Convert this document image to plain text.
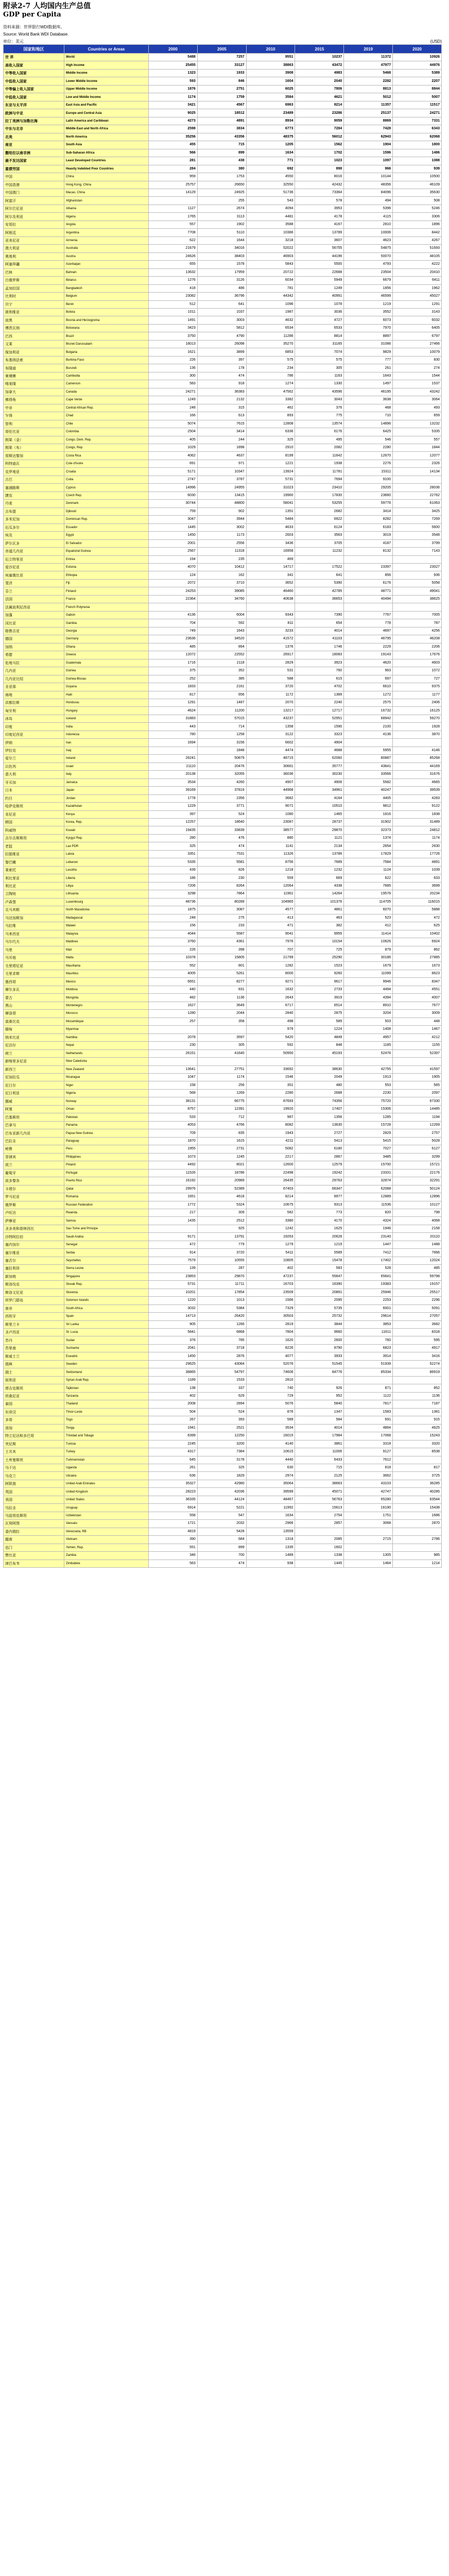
附录2-7 人均国内生产总值
GDP per Capita
资料来源：世界银行WDI数据库。
Source: World Bank WDI Database.
单位：美元	(USD)
国家和地区	Countries or Areas	2000	2005	2010	2015	2019	2020
世 界	World	5488	7257	9551	10237	11372	10926
高收入国家	High Income	25455	33127	38863	43472	47977	44976
中等收入国家	Middle Income	1323	1933	3908	4983	5468	5389
中低收入国家	Lower Middle Income	593	846	1604	2040	2282	2207
中等偏上收入国家	Upper Middle Income	1876	2751	6025	7806	8813	8844
中低收入国家	Low and Middle Income	1174	1759	3584	4621	5012	5007
东亚与太平洋	East Asia and Pacific	3421	4567	6963	9214	11357	11517
欧洲与中亚	Europe and Central Asia	9025	18512	23489	23286	25137	24271
拉丁美洲与加勒比海	Latin America and Caribbean	4273	4891	8934	9059	8869	7331
中东与北非	Middle East and North Africa	2598	3834	6773	7284	7428	6343
北美	North America	35256	43356	48375	56012	62943	62068
南亚	South Asia	455	715	1205	1562	1904	1800
撒哈拉以南非洲	Sub-Saharan Africa	566	899	1634	1702	1596	1486
最不发达国家	Least Developed Countries	281	438	771	1023	1097	1088
重债穷国	Heavily Indebted Poor Countries	284	380	692	898	966	939
中国	China	959	1753	4550	8016	10144	10500
中国香港	Hong Kong, China	25757	26650	32550	42432	48356	46109
中国澳门	Macao, China	14129	24925	51736	73364	84096	35630
阿富汗	Afghanistan		255	543	578	494	508
阿尔巴尼亚	Albania	1127	2674	4094	3953	5396	5246
阿尔及利亚	Algeria	1765	3113	4481	4178	4115	3306
安哥拉	Angola	557	1902	3588	4167	2810	1896
阿根廷	Argentina	7708	5110	10386	13789	10006	8442
亚美尼亚	Armenia	622	1644	3218	3607	4623	4267
澳大利亚	Australia	21679	34016	52022	56755	54875	51693
奥地利	Austria	24626	38403	46903	44196	50070	48105
阿塞拜疆	Azerbaijan	655	1578	5843	5500	4793	4222
巴林	Bahrain	13632	17959	20722	22688	23504	20410
白俄罗斯	Belarus	1276	3126	6034	5949	6679	6411
孟加拉国	Bangladesh	418	486	781	1249	1856	1962
比利时	Belgium	23082	36796	44342	40991	46599	45027
贝宁	Benin	512	641	1096	1078	1219	1291
玻利维亚	Bolivia	1011	1037	1987	3036	3552	3143
波黑	Bosnia and Herzegovina	1491	3003	4632	4727	6073	6032
博茨瓦纳	Botswana	3423	5812	6534	6533	7970	6405
巴西	Brazil	3750	4790	11286	8814	8897	6797
文莱	Brunei Darussalam	18013	26098	35270	31165	31086	27466
保加利亚	Bulgaria	1621	3899	6853	7074	9829	10079
布基纳法索	Burkina Faso	226	397	575	575	777	830
布隆迪	Burundi	136	178	234	305	261	274
柬埔寨	Cambodia	300	474	786	1163	1643	1544
喀麦隆	Cameroon	583	918	1274	1330	1497	1537
加拿大	Canada	24271	36383	47562	43596	46195	43242
佛得角	Cape Verde	1249	2132	3382	3043	3638	3064
中非	Central African Rep.	248	315	462	376	468	493
乍得	Chad	166	613	893	775	710	659
智利	Chile	5074	7615	12808	13574	14896	13232
哥伦比亚	Colombia	2504	3414	6336	6176	6425	5335
刚果（金）	Congo, Dem. Rep.	405	244	325	495	546	557
刚果（布）	Congo, Rep.	1029	1898	2910	2082	2280	1844
哥斯达黎加	Costa Rica	4062	4637	8199	11642	12670	12077
科特迪瓦	Cote d'Ivoire	691	971	1221	1938	2276	2326
克罗地亚	Croatia	5171	10347	13924	11781	15311	14134
古巴	Cuba	2747	3787	5731	7694	9100	
塞浦路斯	Cyprus	14996	24955	31023	23410	29205	28036
捷克	Czech Rep.	6030	13415	19960	17830	23660	22762
丹麦	Denmark	30744	48800	58041	53255	59776	61063
吉布提	Djibouti	759	902	1351	2682	3414	3425
多米尼加	Dominican Rep.	3047	3944	5484	6922	8282	7269
厄瓜多尔	Ecuador	1445	3002	4633	6124	6183	5600
埃及	Egypt	1450	1173	2603	3563	3019	3548
萨尔瓦多	El Salvador	2001	2556	3436	3705	4187	3799
赤道几内亚	Equatorial Guinea	2567	11318	16958	11232	8132	7143
厄立特里亚	Eritrea	194	235	469			
爱沙尼亚	Estonia	4070	10412	14717	17522	23397	23027
埃塞俄比亚	Ethiopia	124	162	341	641	856	936
斐济	Fiji	2072	3710	3652	5390	6176	5058
芬兰	Finland	24253	39085	46460	42785	48771	49041
法国	France	22364	34760	40638	36653	40494	38625
法属波利尼西亚	French Polynesia						
加蓬	Gabon	4136	6004	9343	7390	7767	7005
冈比亚	Gambia	704	592	811	654	778	787
格鲁吉亚	Georgia	749	1643	3233	4014	4697	4256
德国	Germany	23636	34520	41572	41103	46795	46208
加纳	Ghana	485	894	1376	1746	2229	2206
希腊	Greece	12072	22552	26917	18083	19143	17676
危地马拉	Guatemala	1716	2118	2829	3923	4620	4603
几内亚	Guinea	375	352	531	760	963	1072
几内亚比绍	Guinea-Bissau	252	385	588	615	697	727
圭亚那	Guyana	1833	2161	3720	4702	6610	9375
海地	Haiti	817	656	1172	1389	1272	1177
洪都拉斯	Honduras	1291	1487	2070	2240	2575	2406
匈牙利	Hungary	4624	11200	13217	12717	16732	16125
冰岛	Iceland	31883	57015	43237	52951	68942	59270
印度	India	443	714	1358	1590	2100	1928
印度尼西亚	Indonesia	780	1258	3122	3323	4136	3870
伊朗	Iran	1694	3156	6602	4904		
伊拉克	Iraq		1848	4474	4688	5955	4146
爱尔兰	Ireland	26241	50879	48715	62060	80887	85268
以色列	Israel	21110	20476	30661	35777	43641	44169
意大利	Italy	20138	32055	36036	30230	33566	31676
牙买加	Jamaica	3534	4260	4907	4906	5582	4665
日本	Japan	39169	37819	44968	34961	40247	39539
约旦	Jordan	1778	2356	3682	4164	4405	4283
哈萨克斯坦	Kazakhstan	1229	3771	9071	10510	9812	9122
肯尼亚	Kenya	397	524	1080	1465	1816	1838
韩国	Korea, Rep.	12257	18640	23087	28737	31902	31489
科威特	Kuwait	19435	33839	38577	29870	32373	24812
吉尔吉斯斯坦	Kyrgyz Rep.	280	476	880	1121	1374	1174
老挝	Lao PDR	325	474	1141	2134	2654	2630
拉脱维亚	Latvia	3351	7531	11326	13786	17829	17726
黎巴嫩	Lebanon	5335	5581	8756	7689	7584	4891
莱索托	Lesotho	439	826	1218	1232	1124	1039
利比里亚	Liberia	186	230	559	669	622	633
利比亚	Libya	7206	8264	12064	4338	7685	3699
立陶宛	Lithuania	3298	7864	11961	14264	19576	20234
卢森堡	Luxembourg	48736	80289	104965	101376	114705	116015
北马其顿	North Macedonia	1875	3087	4577	4861	6070	5888
马达加斯加	Madagascar	248	275	413	463	523	472
马拉维	Malawi	156	233	471	382	412	625
马来西亚	Malaysia	4044	5587	9041	9955	11414	10402
马尔代夫	Maldives	3760	4361	7976	10154	10626	6924
马里	Mali	226	398	707	725	879	862
马耳他	Malta	10378	15805	21799	25290	30186	27885
毛里塔尼亚	Mauritania	552	801	1282	1523	1679	1673
毛里求斯	Mauritius	4005	5261	8000	9260	11099	8623
墨西哥	Mexico	6651	8277	9271	9617	9946	8347
摩尔多瓦	Moldova	440	831	1632	2733	4494	4551
蒙古	Mongolia	482	1136	2643	3919	4394	4007
黑山	Montenegro	1627	3649	6717	6514	8910	7677
摩洛哥	Morocco	1280	2044	2840	2875	3204	3009
莫桑比克	Mozambique	257	358	498	589	503	448
缅甸	Myanmar			979	1224	1408	1467
纳米比亚	Namibia	2078	3597	5420	4849	4957	4212
尼泊尔	Nepal	230	305	592	848	1185	1155
荷兰	Netherlands	26151	41640	50950	45193	52476	52397
新喀里多尼亚	New Caledonia						
新西兰	New Zealand	13641	27751	33692	38630	42755	41597
尼加拉瓜	Nicaragua	1047	1174	1546	2049	1913	1905
尼日尔	Niger	158	256	351	480	553	565
尼日利亚	Nigeria	568	1269	2280	2688	2230	2097
挪威	Norway	38131	66775	87693	74356	75720	67330
阿曼	Oman	8757	12391	19920	17407	15306	14485
巴基斯坦	Pakistan	533	712	987	1356	1285	1194
巴拿马	Panama	4053	4766	8082	13630	15728	12269
巴布亚新几内亚	Papua New Guinea	709	835	1943	2727	2829	2757
巴拉圭	Paraguay	1870	1615	4211	5413	5415	5028
秘鲁	Peru	1955	2731	5082	6180	7027	6127
菲律宾	Philippines	1073	1245	2217	2867	3485	3299
波兰	Poland	4492	8021	12600	12579	15700	15721
葡萄牙	Portugal	11526	18786	22498	19242	23331	22176
波多黎各	Puerto Rico	16192	20989	26435	29763	32874	32291
卡塔尔	Qatar	29976	52389	67403	66347	62088	50124
罗马尼亚	Romania	1651	4618	8214	8977	12889	12896
俄罗斯	Russian Federation	1772	5324	10675	9313	11536	10127
卢旺达	Rwanda	217	309	582	773	820	798
萨摩亚	Samoa	1435	2512	3380	4170	4324	4068
圣多美和普林西比	Sao Tome and Principe		925	1242	1625	1946	2158
沙特阿拉伯	Saudi Arabia	9171	13791	19263	20628	23140	20110
塞内加尔	Senegal	472	779	1279	1219	1447	1488
塞尔维亚	Serbia	914	3720	5411	5589	7412	7666
塞舌尔	Seychelles	7579	10555	10805	15478	17402	12024
塞拉利昂	Sierra Leone	139	287	402	583	528	485
新加坡	Singapore	23853	29870	47237	55647	65641	59798
斯洛伐克	Slovak Rep.	5731	11711	16703	16390	19383	19157
斯洛文尼亚	Slovenia	10201	17854	23509	20891	25946	25517
所罗门群岛	Solomon Islands	1220	1013	1566	2095	2253	2296
南非	South Africa	3032	5384	7329	5735	6001	5091
西班牙	Spain	14713	26420	30503	25732	29614	27057
斯里兰卡	Sri Lanka	905	1266	2819	3844	3853	3682
圣卢西亚	St. Lucia	5841	6868	7804	9660	11611	8318
苏丹	Sudan	376	785	1620	2600	760	595
苏里南	Suriname	2041	3718	8226	8790	6823	4917
斯威士兰	Eswatini	1450	2876	4077	3933	3914	3416
瑞典	Sweden	29625	43084	52076	51545	51939	52274
瑞士	Switzerland	38865	54797	74606	84776	85334	86919
叙利亚	Syrian Arab Rep.	1189	1533	2810			
塔吉克斯坦	Tajikistan	138	337	740	926	871	852
坦桑尼亚	Tanzania	402	629	729	952	1122	1136
泰国	Thailand	2008	2894	5076	5840	7817	7187
东帝汶	Timor-Leste	504	524	876	1347	1583	1381
多哥	Togo	267	393	589	584	691	915
汤加	Tonga	1941	2521	3534	4014	4864	4625
特立尼达和多巴哥	Trinidad and Tobago	6399	12250	16015	17984	17068	15243
突尼斯	Tunisia	2245	3200	4140	3861	3318	3320
土耳其	Turkey	4317	7384	10615	11006	9127	8538
土库曼斯坦	Turkmenistan	645	3178	4440	6433	7612	
乌干达	Uganda	261	325	630	715	818	817
乌克兰	Ukraine	636	1829	2974	2125	3662	3725
阿联酋	United Arab Emirates	35327	42980	35064	38663	43103	36285
英国	United Kingdom	28223	42036	39599	45071	42747	40285
美国	United States	36335	44124	48467	56763	65280	63544
乌拉圭	Uruguay	6914	5221	11992	15613	16190	15438
乌兹别克斯坦	Uzbekistan	558	547	1634	2754	1751	1686
瓦努阿图	Vanuatu	1721	2032	2966	2857	3068	2870
委内瑞拉	Venezuela, RB	4819	5428	13559			
越南	Vietnam	390	684	1318	2085	2715	2786
也门	Yemen, Rep.	551	899	1335	1602		
赞比亚	Zambia	346	700	1489	1338	1305	985
津巴布韦	Zimbabwe	563	474	938	1445	1464	1214
